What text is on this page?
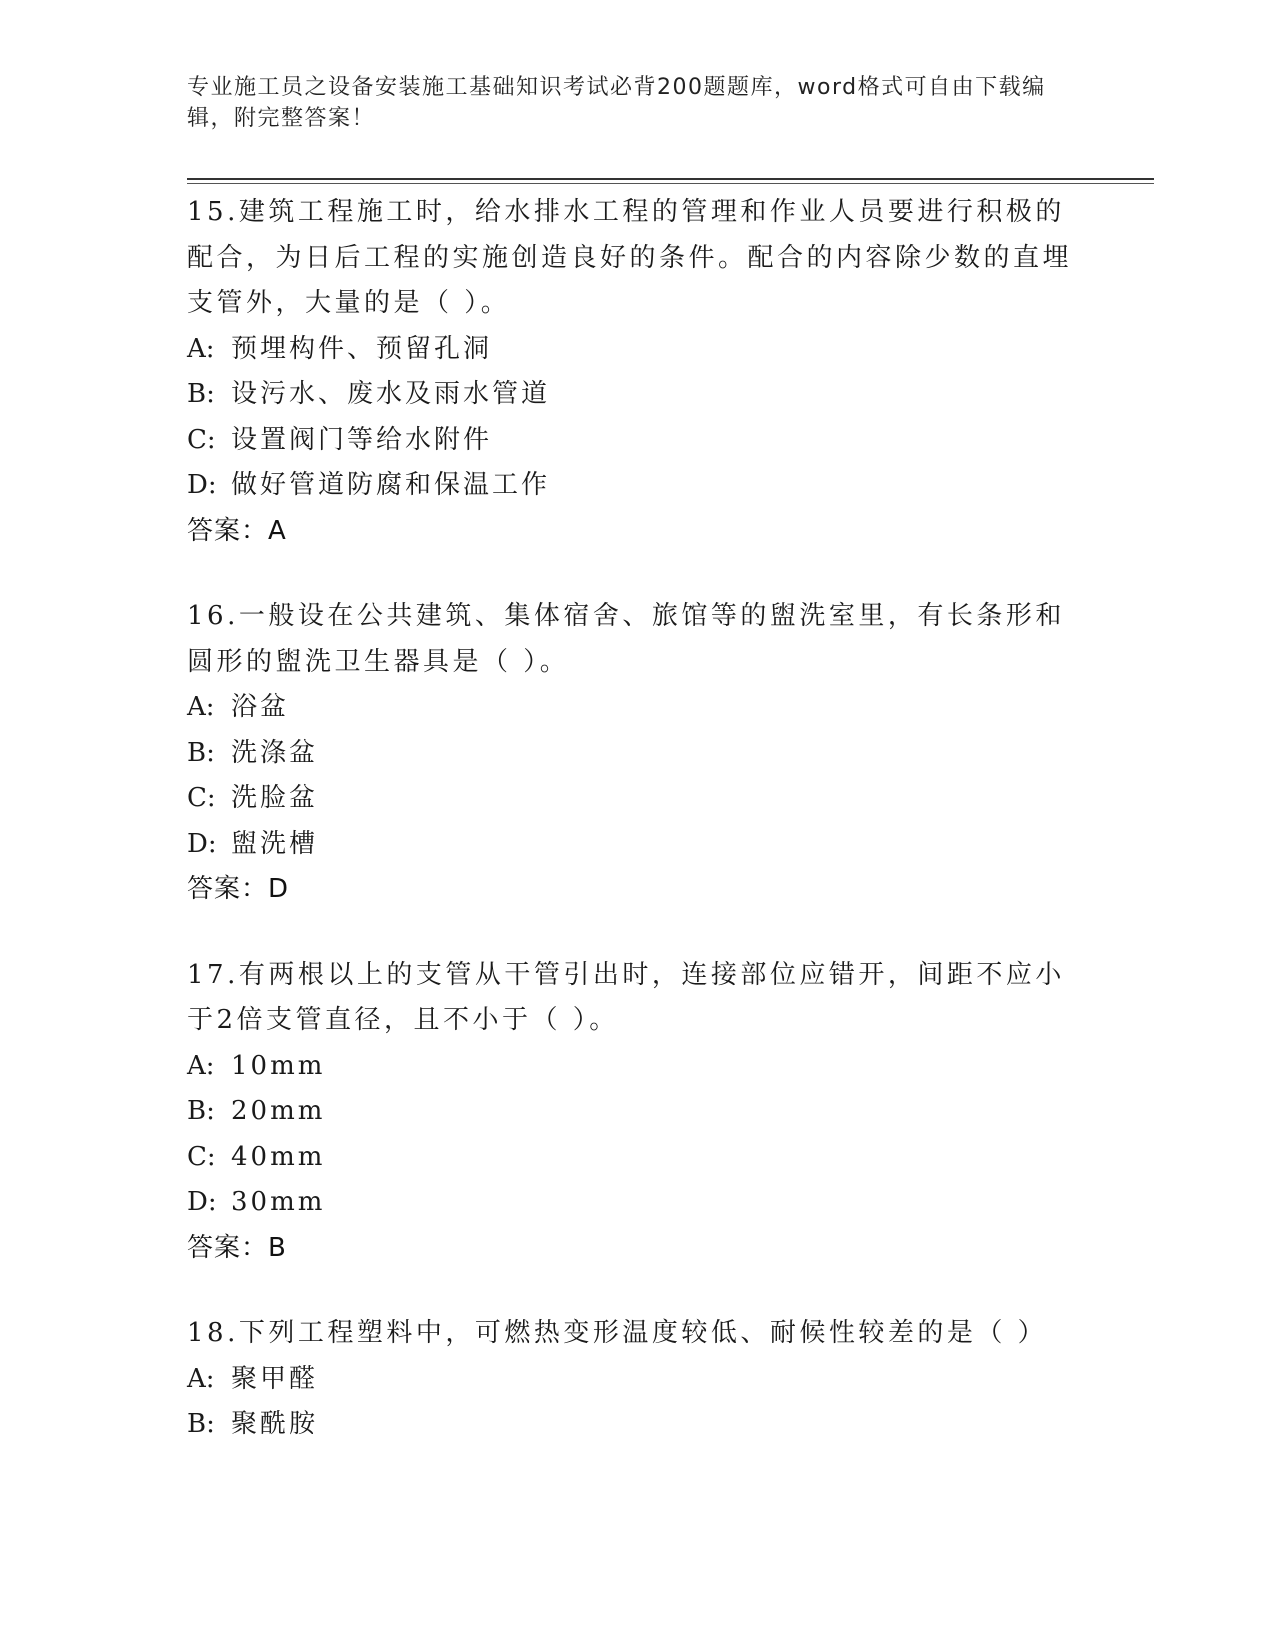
专业施工员之设备安装施工基础知识考试必背200题题库，word格式可自由下载编辑，附完整答案！

15.建筑工程施工时，给水排水工程的管理和作业人员要进行积极的配合，为日后工程的实施创造良好的条件。配合的内容除少数的直埋支管外，大量的是（ ）。

A: 预埋构件、预留孔洞

B: 设污水、废水及雨水管道

C: 设置阀门等给水附件

D: 做好管道防腐和保温工作

答案：A

16.一般设在公共建筑、集体宿舍、旅馆等的盥洗室里，有长条形和圆形的盥洗卫生器具是（ ）。

A: 浴盆

B: 洗涤盆

C: 洗脸盆

D: 盥洗槽

答案：D

17.有两根以上的支管从干管引出时，连接部位应错开，间距不应小于2倍支管直径，且不小于（ ）。

A: 10mm

B: 20mm

C: 40mm

D: 30mm

答案：B

18.下列工程塑料中，可燃热变形温度较低、耐候性较差的是（ ）

A: 聚甲醛

B: 聚酰胺
